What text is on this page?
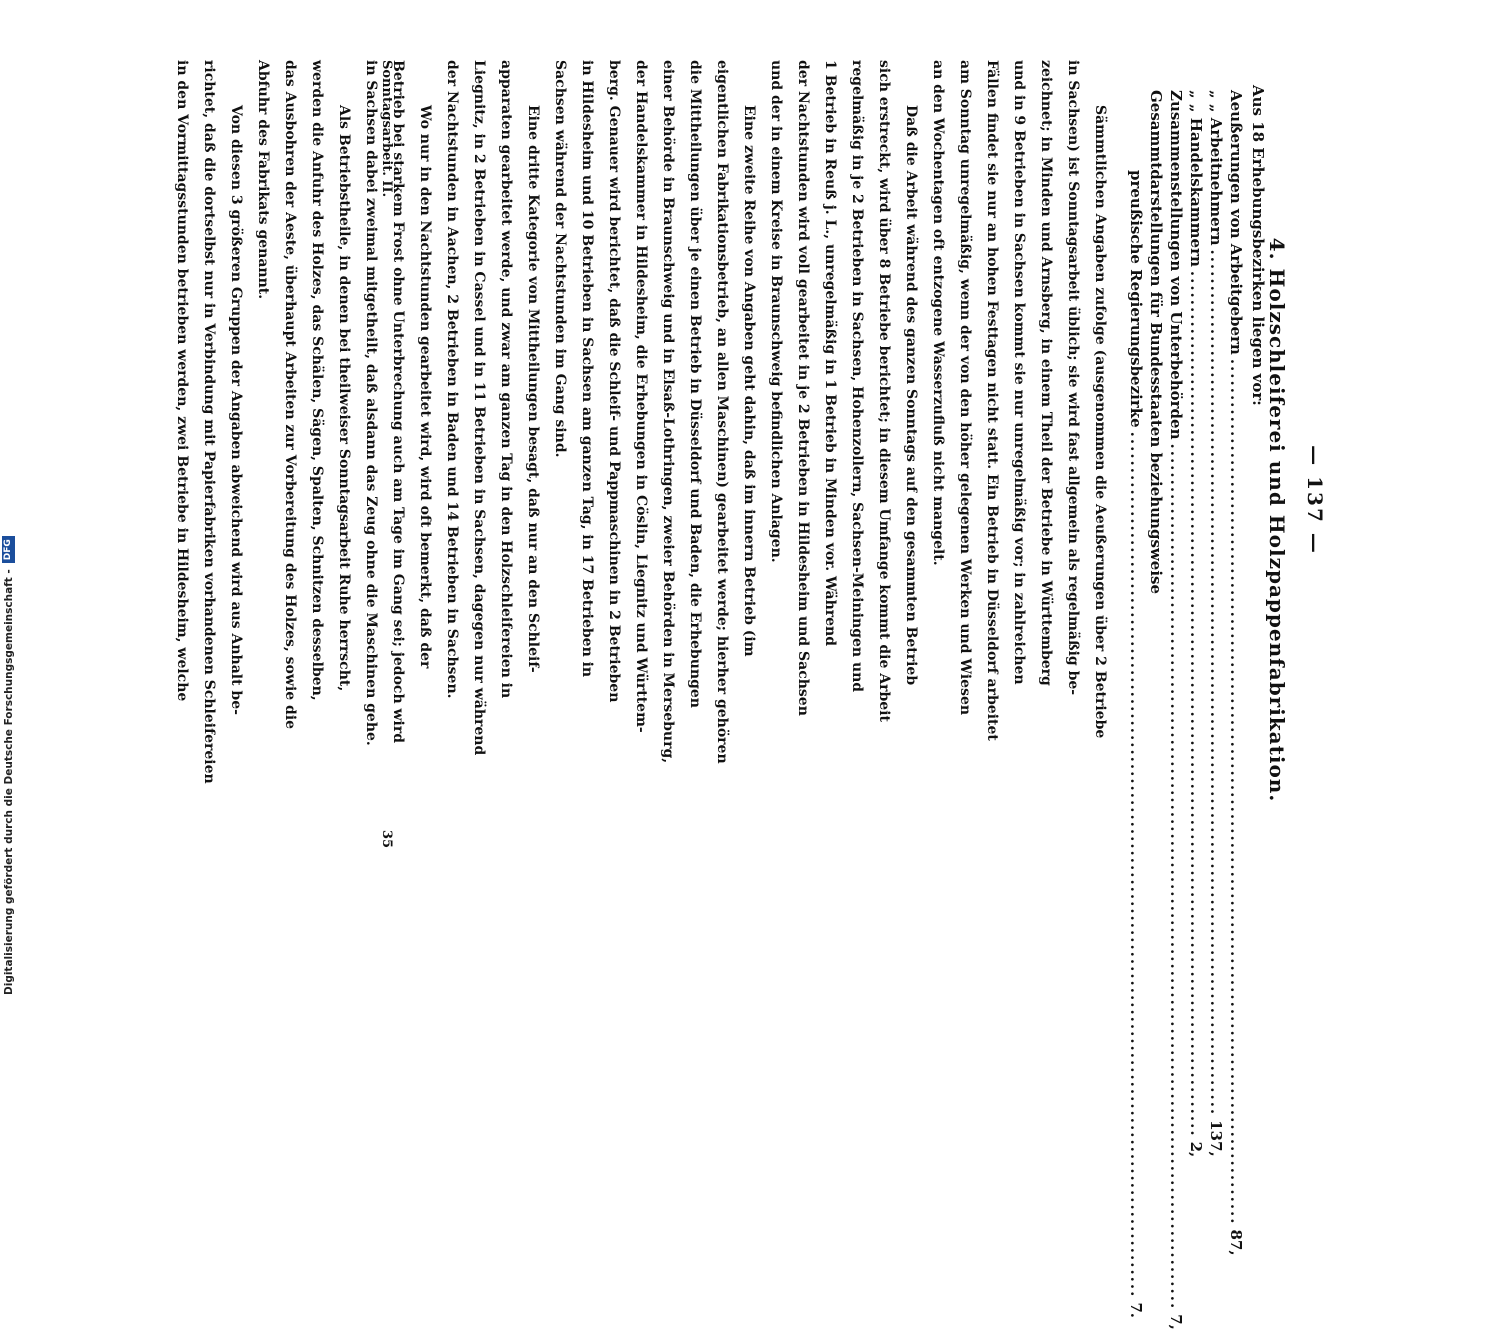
— 137 —
4. Holzschleiferei und Holzpappenfabrikation.
Aus 18 Erhebungsbezirken liegen vor:
Aeußerungen von Arbeitgebern
........................................................................................................................
87,
„ „ Arbeitnehmern
........................................................................................................................
137,
„ „ Handelskammern
........................................................................................................................
2,
Zusammenstellungen von Unterbehörden
........................................................................................................................
7,
Gesammtdarstellungen für Bundesstaaten beziehungsweise
preußische Regierungsbezirke
........................................................................................................................
7.
Sämmtlichen Angaben zufolge (ausgenommen die Aeußerungen über 2 Betriebe
in Sachsen) ist Sonntagsarbeit üblich; sie wird fast allgemein als regelmäßig be-
zeichnet; in Minden und Arnsberg, in einem Theil der Betriebe in Württemberg
und in 9 Betrieben in Sachsen kommt sie nur unregelmäßig vor; in zahlreichen
Fällen findet sie nur an hohen Festtagen nicht statt. Ein Betrieb in Düsseldorf arbeitet
am Sonntag unregelmäßig, wenn der von den höher gelegenen Werken und Wiesen
an den Wochentagen oft entzogene Wasserzufluß nicht mangelt.
Daß die Arbeit während des ganzen Sonntags auf den gesammten Betrieb
sich erstreckt, wird über 8 Betriebe berichtet; in diesem Umfange kommt die Arbeit
regelmäßig in je 2 Betrieben in Sachsen, Hohenzollern, Sachsen-Meiningen und
1 Betrieb in Reuß j. L., unregelmäßig in 1 Betrieb in Minden vor. Während
der Nachtstunden wird voll gearbeitet in je 2 Betrieben in Hildesheim und Sachsen
und der in einem Kreise in Braunschweig befindlichen Anlagen.
Eine zweite Reihe von Angaben geht dahin, daß im innern Betrieb (im
eigentlichen Fabrikationsbetrieb, an allen Maschinen) gearbeitet werde; hierher gehören
die Mittheilungen über je einen Betrieb in Düsseldorf und Baden, die Erhebungen
einer Behörde in Braunschweig und in Elsaß-Lothringen, zweier Behörden in Merseburg,
der Handelskammer in Hildesheim, die Erhebungen in Cöslin, Liegnitz und Württem-
berg. Genauer wird berichtet, daß die Schleif- und Pappmaschinen in 2 Betrieben
in Hildesheim und 10 Betrieben in Sachsen am ganzen Tag, in 17 Betrieben in
Sachsen während der Nachtstunden im Gang sind.
Eine dritte Kategorie von Mittheilungen besagt, daß nur an den Schleif-
apparaten gearbeitet werde, und zwar am ganzen Tag in den Holzschleifereien in
Liegnitz, in 2 Betrieben in Cassel und in 11 Betrieben in Sachsen, dagegen nur während
der Nachtstunden in Aachen, 2 Betrieben in Baden und 14 Betrieben in Sachsen.
Wo nur in den Nachtstunden gearbeitet wird, wird oft bemerkt, daß der
Betrieb bei starkem Frost ohne Unterbrechung auch am Tage im Gang sei; jedoch wird
in Sachsen dabei zweimal mitgetheilt, daß alsdann das Zeug ohne die Maschinen gehe.
Als Betriebstheile, in denen bei theilweiser Sonntagsarbeit Ruhe herrscht,
werden die Anfuhr des Holzes, das Schälen, Sägen, Spalten, Schnitzen desselben,
das Ausbohren der Aeste, überhaupt Arbeiten zur Vorbereitung des Holzes, sowie die
Abfuhr des Fabrikats genannt.
Von diesen 3 größeren Gruppen der Angaben abweichend wird aus Anhalt be-
richtet, daß die dortselbst nur in Verbindung mit Papierfabriken vorhandenen Schleifereien
in den Vormittagsstunden betrieben werden, zwei Betriebe in Hildesheim, welche	Sonntagsarbeit. II.
35
Digitalisierung gefördert durch die Deutsche Forschungsgemeinschaft -
DFG
